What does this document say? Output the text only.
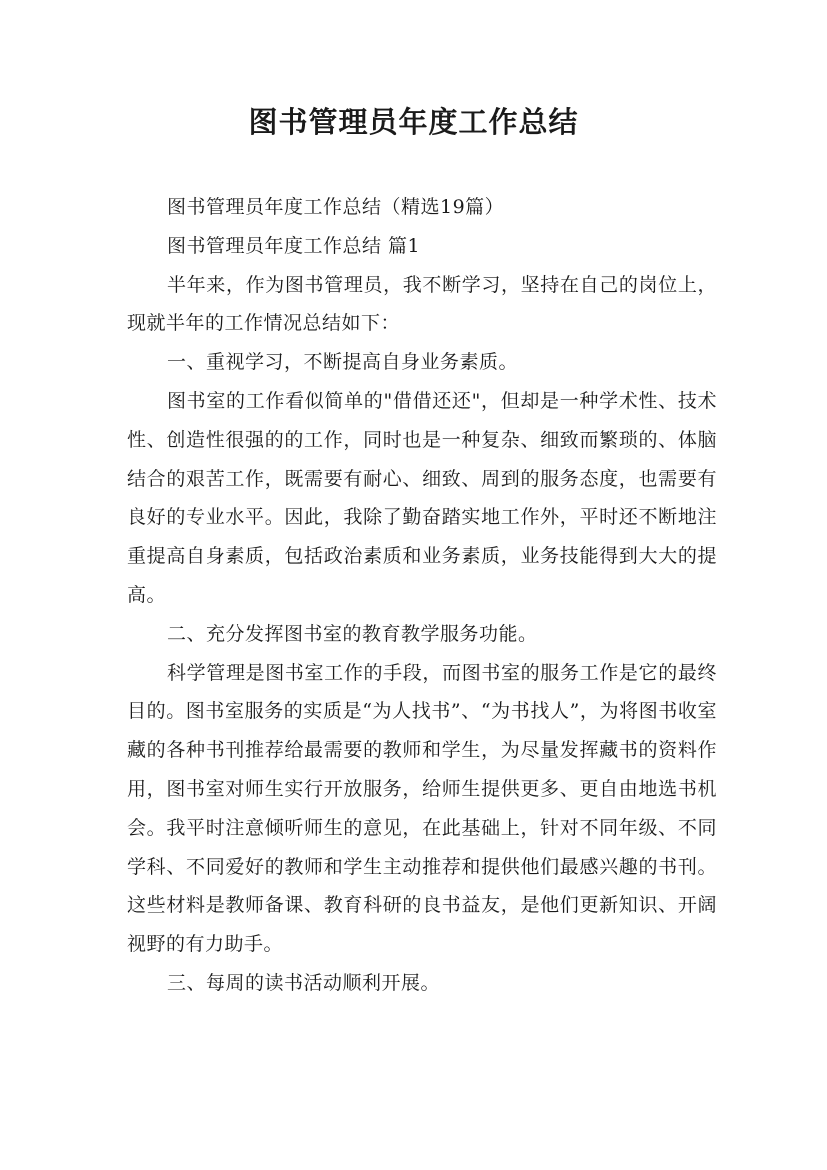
图书管理员年度工作总结

图书管理员年度工作总结（精选19篇）

图书管理员年度工作总结 篇1

半年来，作为图书管理员，我不断学习，坚持在自己的岗位上，现就半年的工作情况总结如下：

一、重视学习，不断提高自身业务素质。

图书室的工作看似简单的"借借还还"，但却是一种学术性、技术性、创造性很强的的工作，同时也是一种复杂、细致而繁琐的、体脑结合的艰苦工作，既需要有耐心、细致、周到的服务态度，也需要有良好的专业水平。因此，我除了勤奋踏实地工作外，平时还不断地注重提高自身素质，包括政治素质和业务素质，业务技能得到大大的提高。

二、充分发挥图书室的教育教学服务功能。

科学管理是图书室工作的手段，而图书室的服务工作是它的最终目的。图书室服务的实质是“为人找书”、“为书找人”，为将图书收室藏的各种书刊推荐给最需要的教师和学生，为尽量发挥藏书的资料作用，图书室对师生实行开放服务，给师生提供更多、更自由地选书机会。我平时注意倾听师生的意见，在此基础上，针对不同年级、不同学科、不同爱好的教师和学生主动推荐和提供他们最感兴趣的书刊。这些材料是教师备课、教育科研的良书益友，是他们更新知识、开阔视野的有力助手。

三、每周的读书活动顺利开展。
